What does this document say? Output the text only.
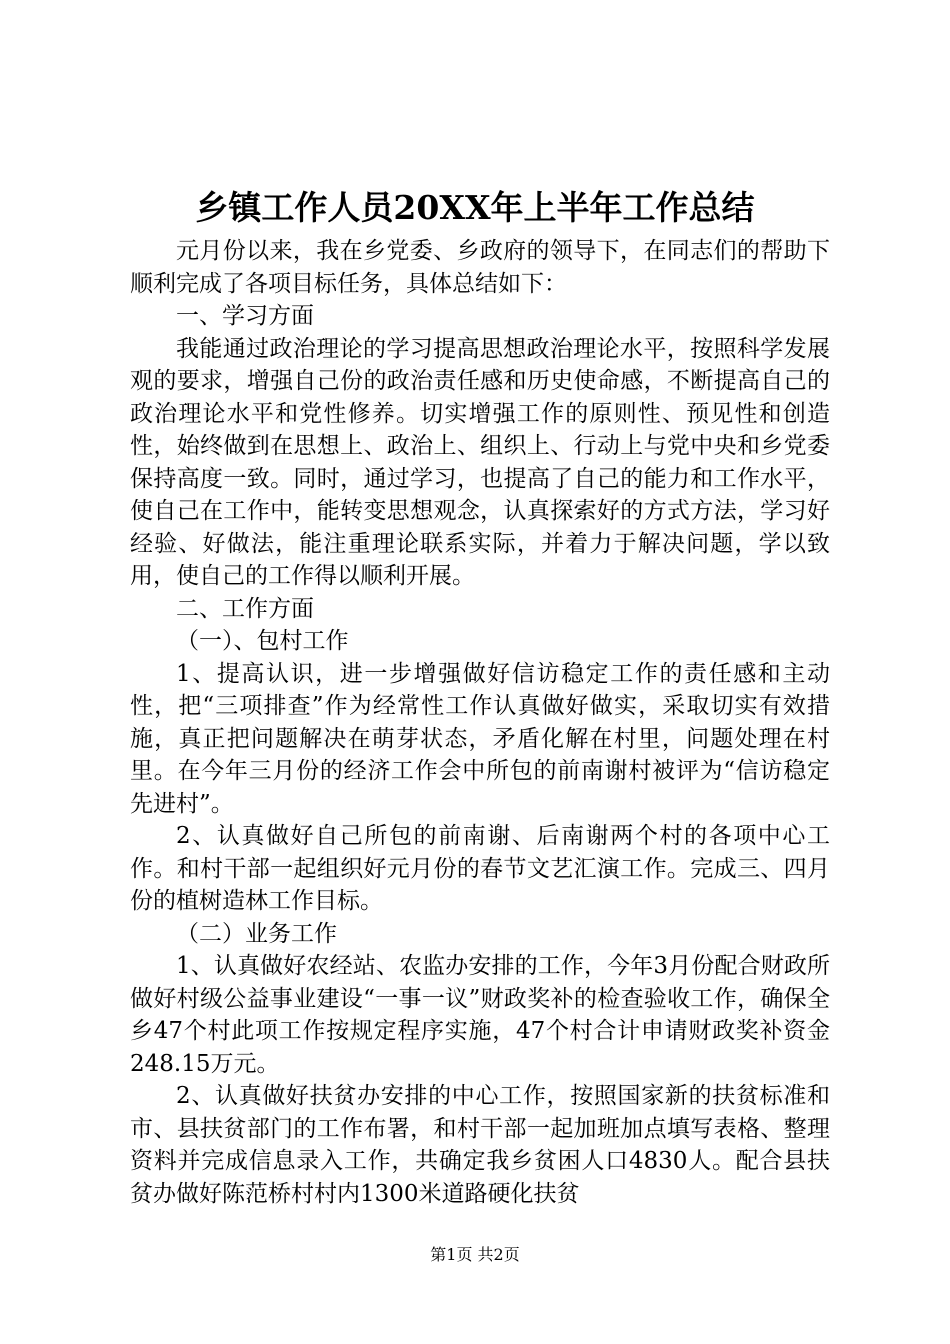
乡镇工作人员20XX年上半年工作总结

元月份以来，我在乡党委、乡政府的领导下，在同志们的帮助下顺利完成了各项目标任务，具体总结如下：

一、学习方面

我能通过政治理论的学习提高思想政治理论水平，按照科学发展观的要求，增强自己份的政治责任感和历史使命感，不断提高自己的政治理论水平和党性修养。切实增强工作的原则性、预见性和创造性，始终做到在思想上、政治上、组织上、行动上与党中央和乡党委保持高度一致。同时，通过学习，也提高了自己的能力和工作水平，使自己在工作中，能转变思想观念，认真探索好的方式方法，学习好经验、好做法，能注重理论联系实际，并着力于解决问题，学以致用，使自己的工作得以顺利开展。

二、工作方面

（一）、包村工作

1、提高认识，进一步增强做好信访稳定工作的责任感和主动性，把“三项排查”作为经常性工作认真做好做实，采取切实有效措施，真正把问题解决在萌芽状态，矛盾化解在村里，问题处理在村里。在今年三月份的经济工作会中所包的前南谢村被评为“信访稳定先进村”。

2、认真做好自己所包的前南谢、后南谢两个村的各项中心工作。和村干部一起组织好元月份的春节文艺汇演工作。完成三、四月份的植树造林工作目标。

（二）业务工作

1、认真做好农经站、农监办安排的工作，今年3月份配合财政所做好村级公益事业建设“一事一议”财政奖补的检查验收工作，确保全乡47个村此项工作按规定程序实施，47个村合计申请财政奖补资金248.15万元。

2、认真做好扶贫办安排的中心工作，按照国家新的扶贫标准和市、县扶贫部门的工作布署，和村干部一起加班加点填写表格、整理资料并完成信息录入工作，共确定我乡贫困人口4830人。配合县扶贫办做好陈范桥村村内1300米道路硬化扶贫

第1页 共2页
